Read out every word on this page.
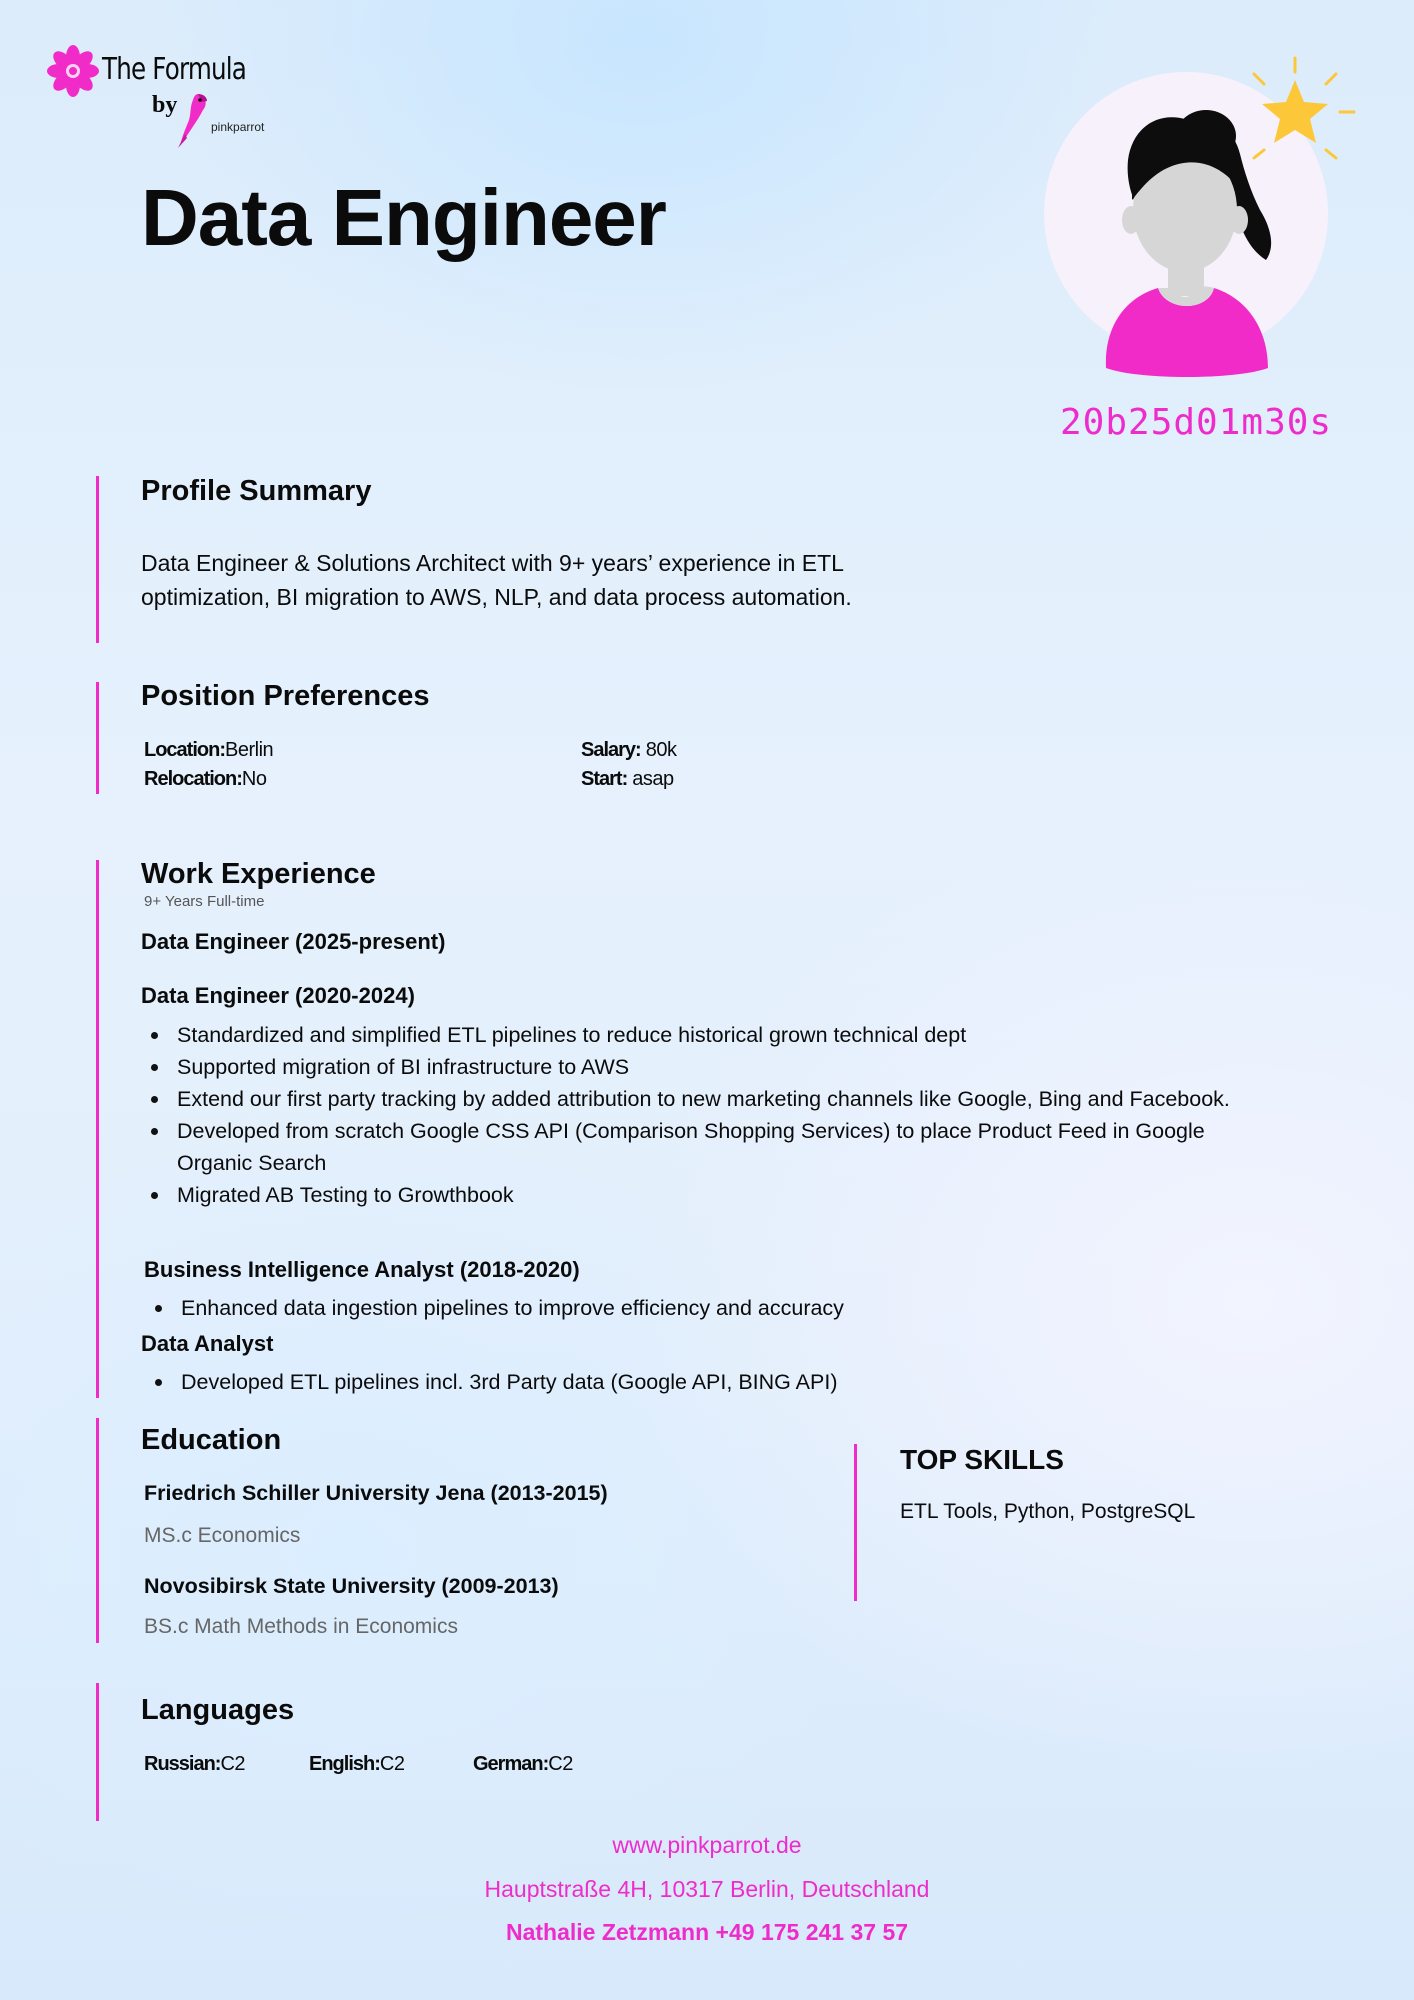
The Formula
by
pinkparrot
Data Engineer
20b25d01m30s
Profile Summary
Data Engineer & Solutions Architect with 9+ years’ experience in ETL
optimization, BI migration to AWS, NLP, and data process automation.
Position Preferences
Location:Berlin
Relocation:No
Salary: 80k
Start: asap
Work Experience
9+ Years Full-time
Data Engineer (2025-present)
Data Engineer (2020-2024)
Standardized and simplified ETL pipelines to reduce historical grown technical dept
Supported migration of BI infrastructure to AWS
Extend our first party tracking by added attribution to new marketing channels like Google, Bing and Facebook.
Developed from scratch Google CSS API (Comparison Shopping Services) to place Product Feed in Google Organic Search
Migrated AB Testing to Growthbook
Business Intelligence Analyst (2018-2020)
Enhanced data ingestion pipelines to improve efficiency and accuracy
Data Analyst
Developed ETL pipelines incl. 3rd Party data (Google API, BING API)
Education
Friedrich Schiller University Jena (2013-2015)
MS.c Economics
Novosibirsk State University (2009-2013)
BS.c Math Methods in Economics
TOP SKILLS
ETL Tools, Python, PostgreSQL
Languages
Russian:C2	English:C2	German:C2
www.pinkparrot.de
Hauptstraße 4H, 10317 Berlin, Deutschland
Nathalie Zetzmann +49 175 241 37 57
